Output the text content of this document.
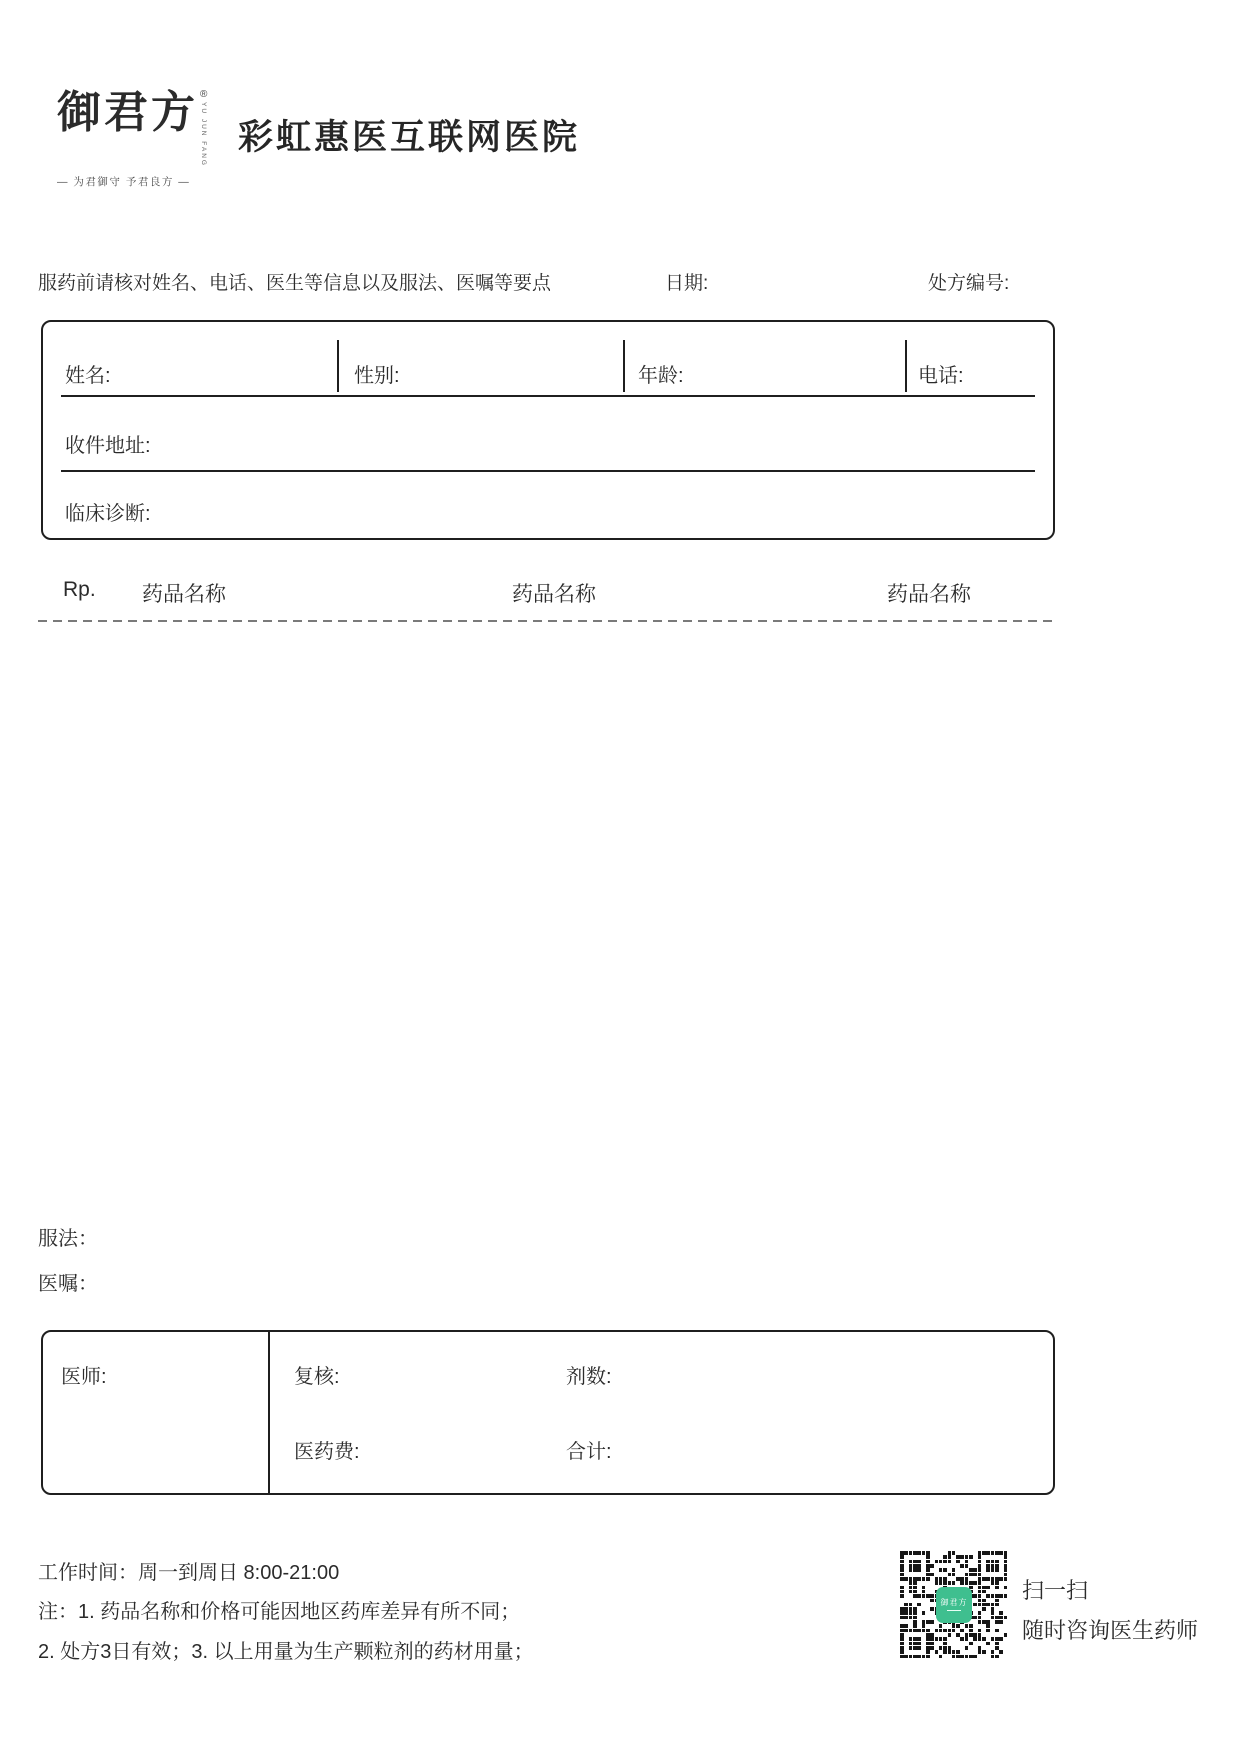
御君方 ®
YU JUN FANG
— 为君御守 予君良方 —
彩虹惠医互联网医院
服药前请核对姓名、电话、医生等信息以及服法、医嘱等要点	日期:	处方编号:
姓名:	性别:	年龄:	电话:
收件地址:
临床诊断:
Rp. 药品名称	药品名称	药品名称
服法：
医嘱：
医师:	复核:	剂数:
医药费:	合计:
工作时间：周一到周日 8:00-21:00
注：1. 药品名称和价格可能因地区药库差异有所不同；
2. 处方3日有效；3. 以上用量为生产颗粒剂的药材用量；
御君方 扫一扫
随时咨询医生药师
